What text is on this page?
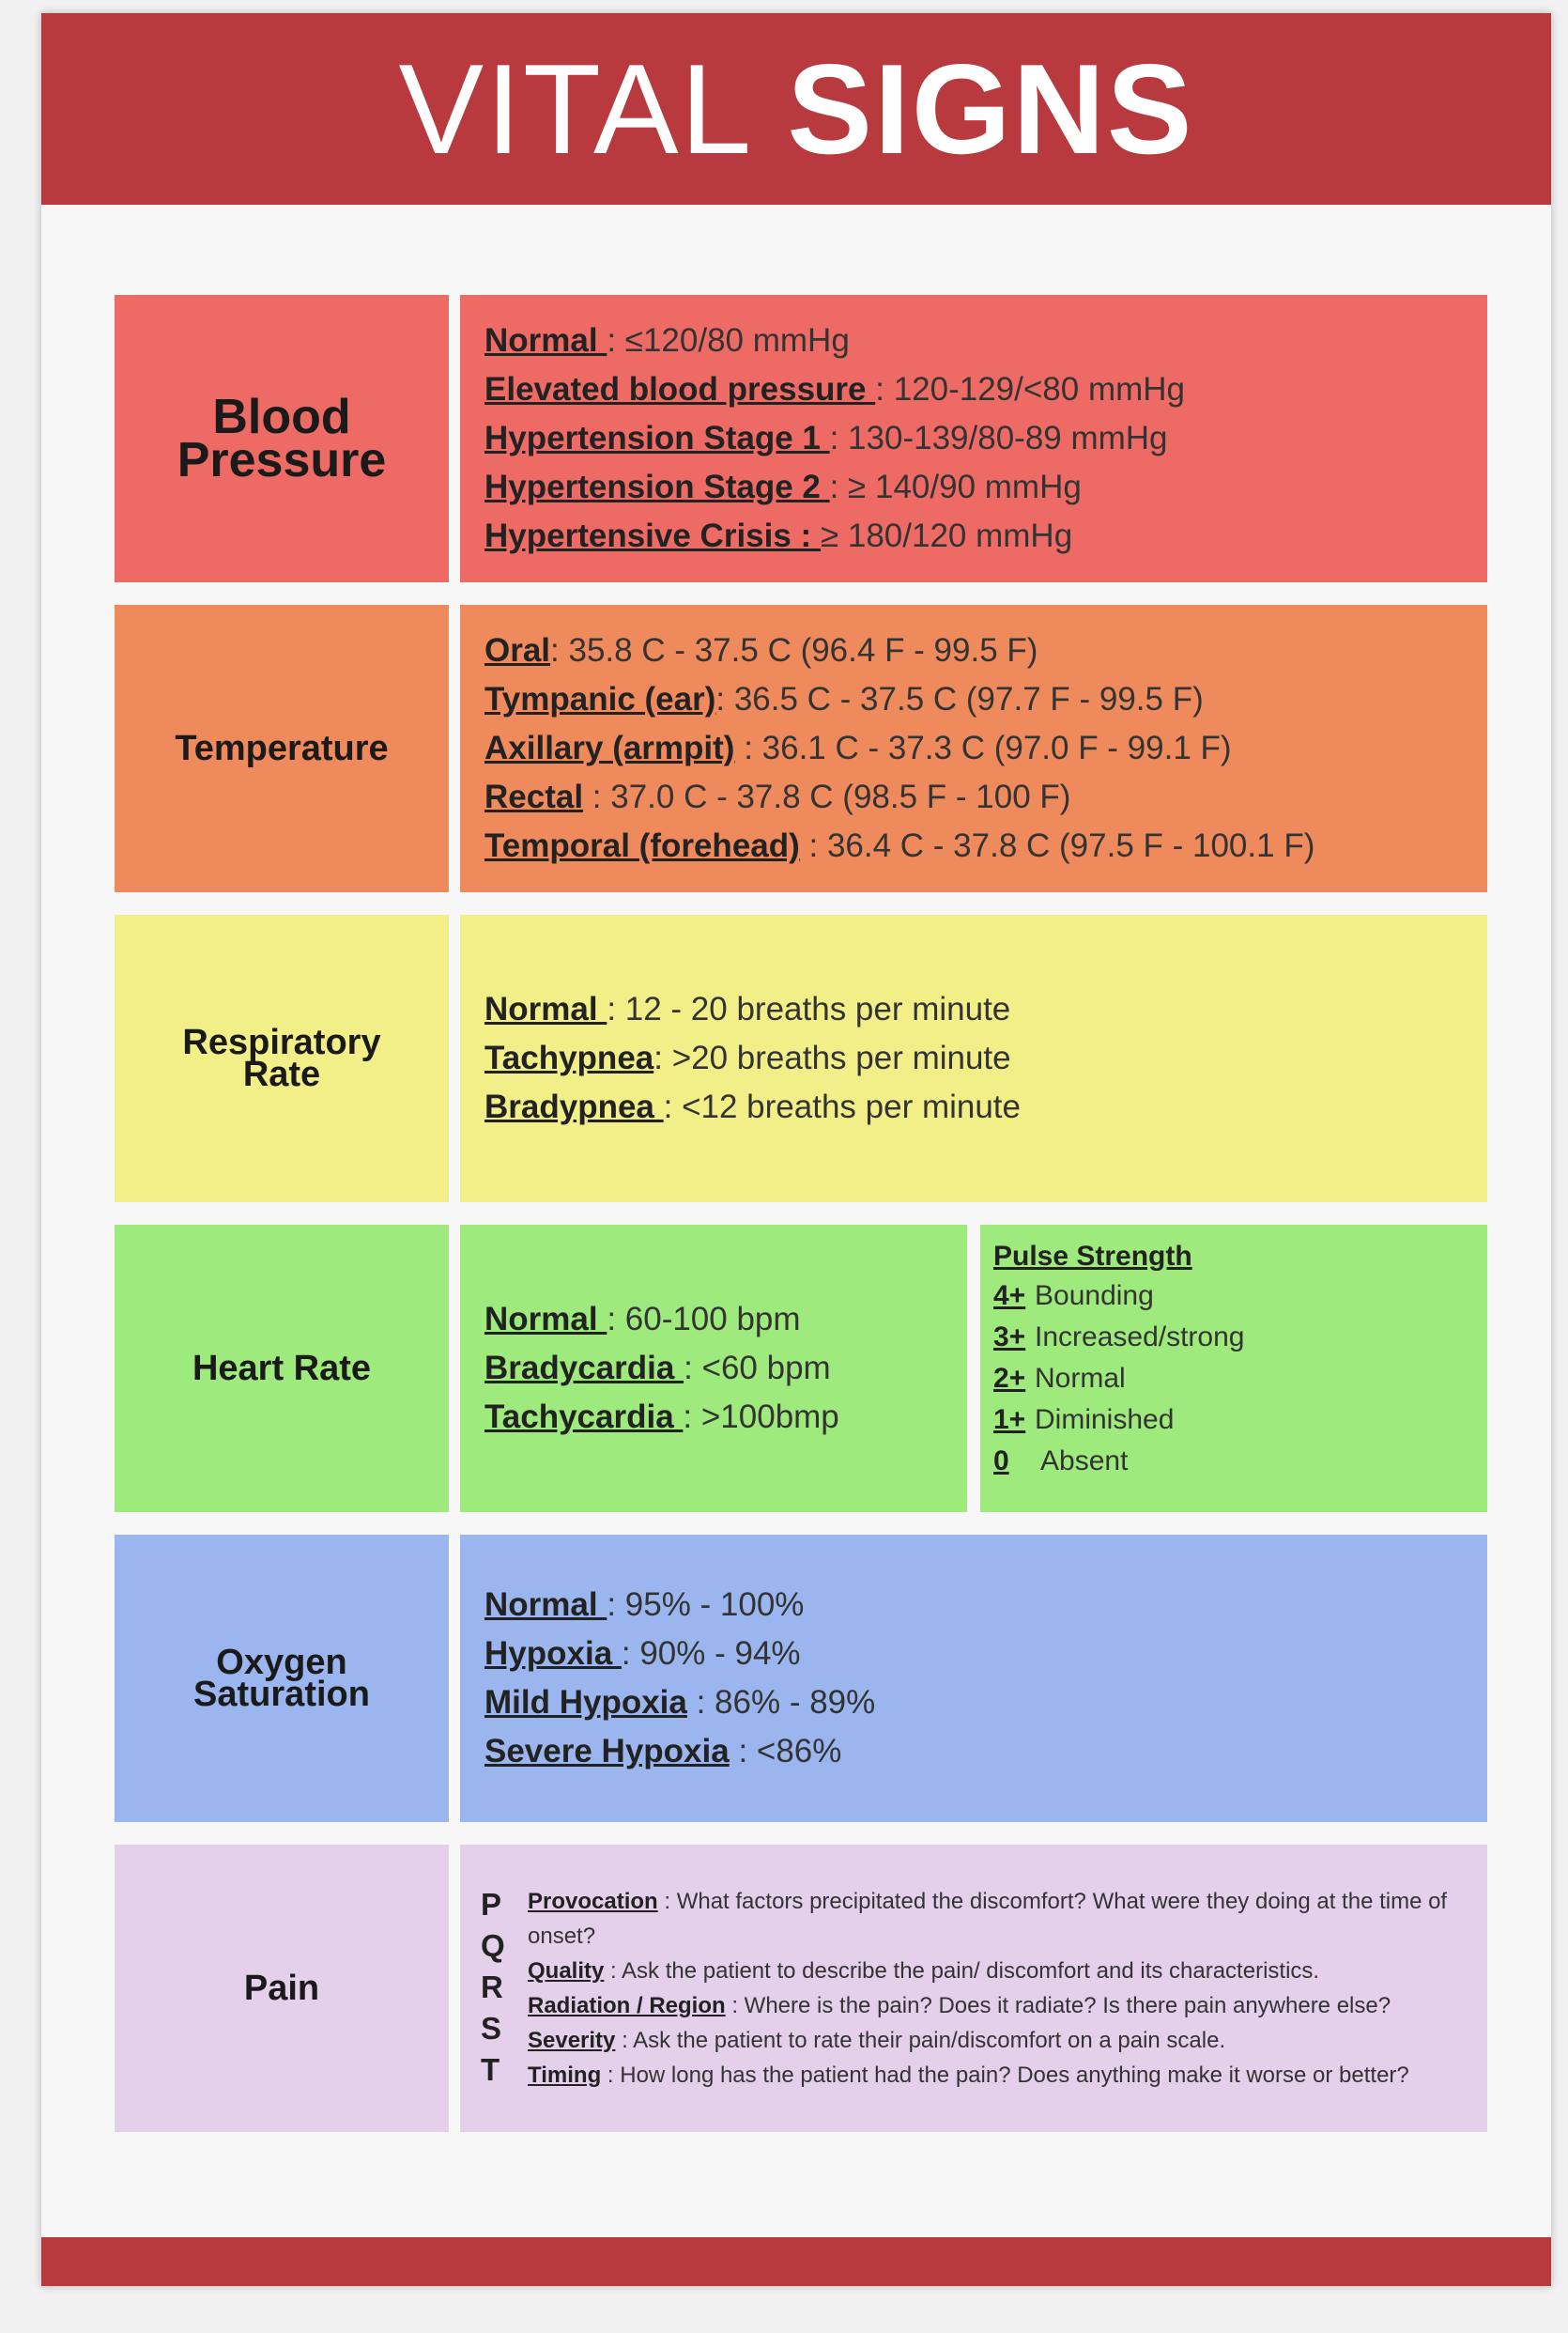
VITAL SIGNS
Blood Pressure
Normal : ≤120/80 mmHg
Elevated blood pressure : 120-129/<80 mmHg
Hypertension Stage 1 : 130-139/80-89 mmHg
Hypertension Stage 2 : ≥ 140/90 mmHg
Hypertensive Crisis : ≥ 180/120 mmHg
Temperature
Oral: 35.8 C - 37.5 C (96.4 F - 99.5 F)
Tympanic (ear): 36.5 C - 37.5 C (97.7 F - 99.5 F)
Axillary (armpit) : 36.1 C - 37.3 C (97.0 F - 99.1 F)
Rectal : 37.0 C - 37.8 C (98.5 F - 100 F)
Temporal (forehead) : 36.4 C - 37.8 C (97.5 F - 100.1 F)
Respiratory Rate
Normal : 12 - 20 breaths per minute
Tachypnea: >20 breaths per minute
Bradypnea : <12 breaths per minute
Heart Rate
Normal : 60-100 bpm
Bradycardia : <60 bpm
Tachycardia : >100bmp
Pulse Strength
4+ Bounding
3+ Increased/strong
2+ Normal
1+ Diminished
0 Absent
Oxygen Saturation
Normal : 95% - 100%
Hypoxia : 90% - 94%
Mild Hypoxia : 86% - 89%
Severe Hypoxia : <86%
Pain
P
Q
R
S
T
Provocation : What factors precipitated the discomfort? What were they doing at the time of onset?
Quality : Ask the patient to describe the pain/ discomfort and its characteristics.
Radiation / Region : Where is the pain? Does it radiate? Is there pain anywhere else?
Severity : Ask the patient to rate their pain/discomfort on a pain scale.
Timing : How long has the patient had the pain? Does anything make it worse or better?
